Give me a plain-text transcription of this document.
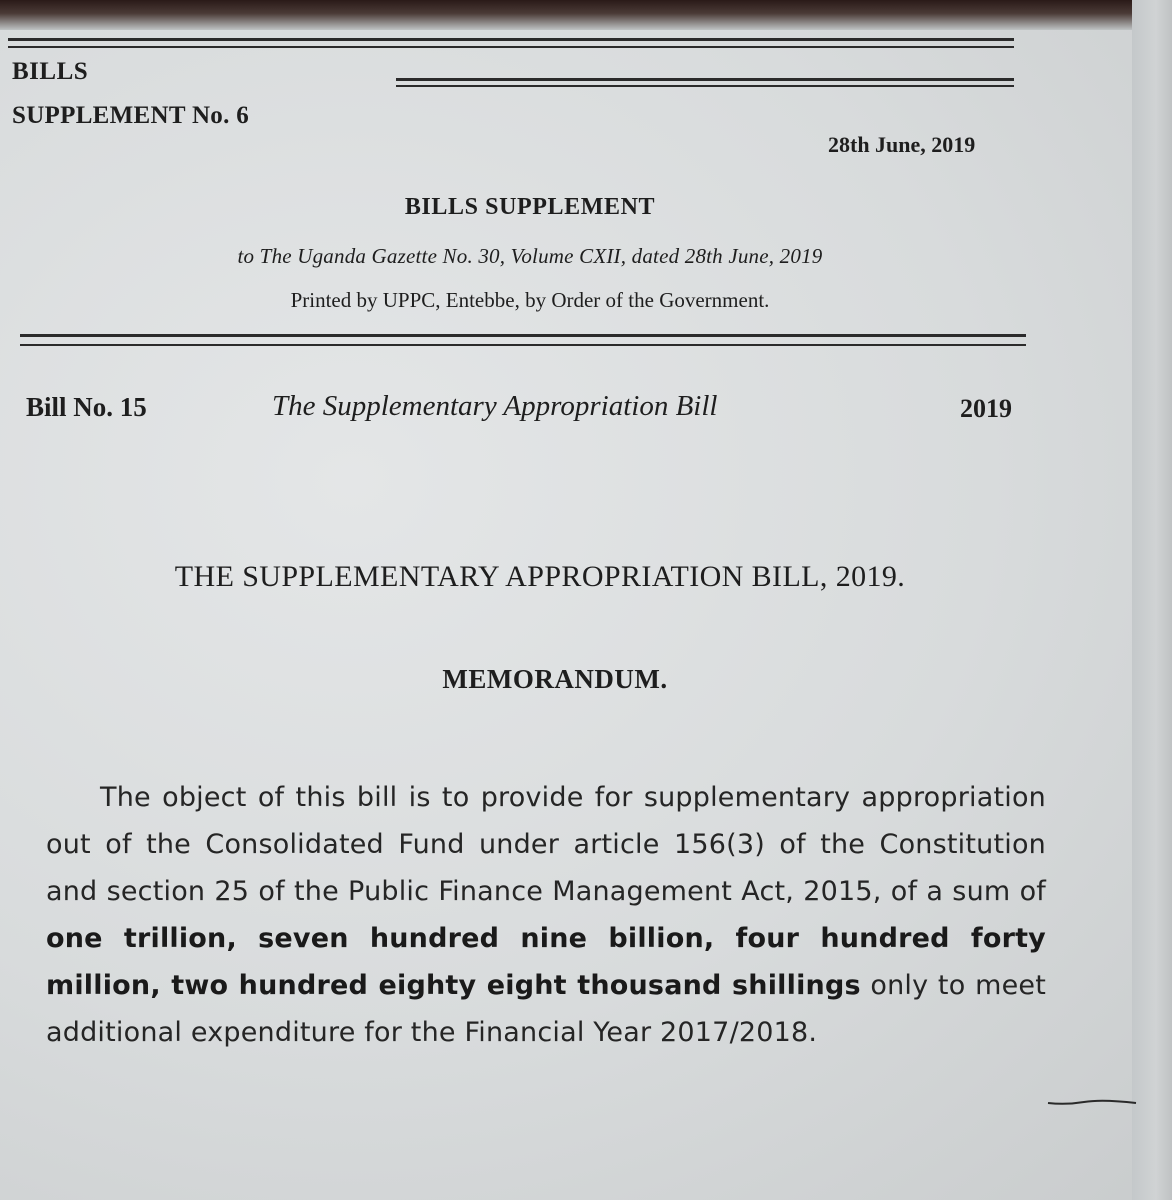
BILLS
SUPPLEMENT No. 6
28th June, 2019
BILLS SUPPLEMENT
to The Uganda Gazette No. 30, Volume CXII, dated 28th June, 2019
Printed by UPPC, Entebbe, by Order of the Government.
Bill No. 15	The Supplementary Appropriation Bill	2019
THE SUPPLEMENTARY APPROPRIATION BILL, 2019.
MEMORANDUM.
The object of this bill is to provide for supplementary appropriation out of the Consolidated Fund under article 156(3) of the Constitution and section 25 of the Public Finance Management Act, 2015, of a sum of one trillion, seven hundred nine billion, four hundred forty million, two hundred eighty eight thousand shillings only to meet additional expenditure for the Financial Year 2017/2018.
